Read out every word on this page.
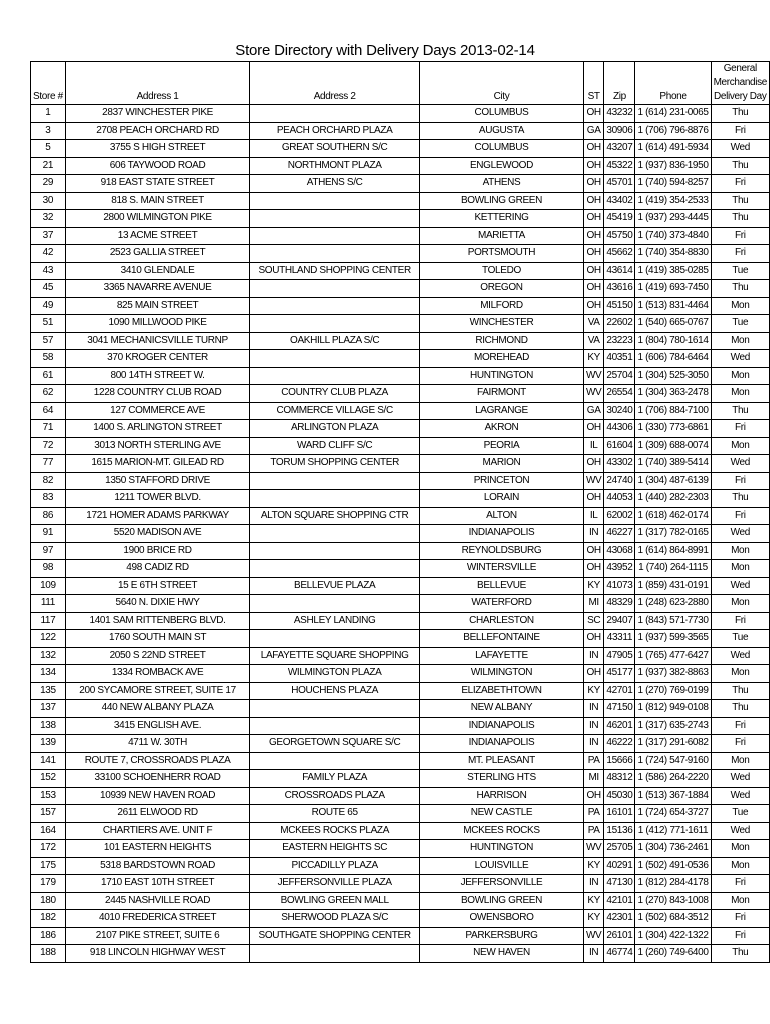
Store Directory with Delivery Days 2013-02-14
Store #	Address 1	Address 2	City	ST	Zip	Phone	General
Merchandise
Delivery Day

1	2837 WINCHESTER PIKE		COLUMBUS	OH	43232	1 (614) 231-0065	Thu
3	2708 PEACH ORCHARD RD	PEACH ORCHARD PLAZA	AUGUSTA	GA	30906	1 (706) 796-8876	Fri
5	3755 S HIGH STREET	GREAT SOUTHERN S/C	COLUMBUS	OH	43207	1 (614) 491-5934	Wed
21	606 TAYWOOD ROAD	NORTHMONT PLAZA	ENGLEWOOD	OH	45322	1 (937) 836-1950	Thu
29	918 EAST STATE STREET	ATHENS S/C	ATHENS	OH	45701	1 (740) 594-8257	Fri
30	818 S. MAIN STREET		BOWLING GREEN	OH	43402	1 (419) 354-2533	Thu
32	2800 WILMINGTON PIKE		KETTERING	OH	45419	1 (937) 293-4445	Thu
37	13 ACME STREET		MARIETTA	OH	45750	1 (740) 373-4840	Fri
42	2523 GALLIA STREET		PORTSMOUTH	OH	45662	1 (740) 354-8830	Fri
43	3410 GLENDALE	SOUTHLAND SHOPPING CENTER	TOLEDO	OH	43614	1 (419) 385-0285	Tue
45	3365 NAVARRE AVENUE		OREGON	OH	43616	1 (419) 693-7450	Thu
49	825 MAIN STREET		MILFORD	OH	45150	1 (513) 831-4464	Mon
51	1090 MILLWOOD PIKE		WINCHESTER	VA	22602	1 (540) 665-0767	Tue
57	3041 MECHANICSVILLE TURNP	OAKHILL PLAZA S/C	RICHMOND	VA	23223	1 (804) 780-1614	Mon
58	370 KROGER CENTER		MOREHEAD	KY	40351	1 (606) 784-6464	Wed
61	800 14TH STREET W.		HUNTINGTON	WV	25704	1 (304) 525-3050	Mon
62	1228 COUNTRY CLUB ROAD	COUNTRY CLUB PLAZA	FAIRMONT	WV	26554	1 (304) 363-2478	Mon
64	127 COMMERCE AVE	COMMERCE VILLAGE S/C	LAGRANGE	GA	30240	1 (706) 884-7100	Thu
71	1400 S. ARLINGTON STREET	ARLINGTON PLAZA	AKRON	OH	44306	1 (330) 773-6861	Fri
72	3013 NORTH STERLING AVE	WARD CLIFF S/C	PEORIA	IL	61604	1 (309) 688-0074	Mon
77	1615 MARION-MT. GILEAD RD	TORUM SHOPPING CENTER	MARION	OH	43302	1 (740) 389-5414	Wed
82	1350 STAFFORD DRIVE		PRINCETON	WV	24740	1 (304) 487-6139	Fri
83	1211 TOWER BLVD.		LORAIN	OH	44053	1 (440) 282-2303	Thu
86	1721 HOMER ADAMS PARKWAY	ALTON SQUARE SHOPPING CTR	ALTON	IL	62002	1 (618) 462-0174	Fri
91	5520 MADISON AVE		INDIANAPOLIS	IN	46227	1 (317) 782-0165	Wed
97	1900 BRICE RD		REYNOLDSBURG	OH	43068	1 (614) 864-8991	Mon
98	498 CADIZ RD		WINTERSVILLE	OH	43952	1 (740) 264-1115	Mon
109	15 E 6TH STREET	BELLEVUE PLAZA	BELLEVUE	KY	41073	1 (859) 431-0191	Wed
111	5640 N. DIXIE HWY		WATERFORD	MI	48329	1 (248) 623-2880	Mon
117	1401 SAM RITTENBERG BLVD.	ASHLEY LANDING	CHARLESTON	SC	29407	1 (843) 571-7730	Fri
122	1760 SOUTH MAIN ST		BELLEFONTAINE	OH	43311	1 (937) 599-3565	Tue
132	2050 S 22ND STREET	LAFAYETTE SQUARE SHOPPING	LAFAYETTE	IN	47905	1 (765) 477-6427	Wed
134	1334 ROMBACK AVE	WILMINGTON PLAZA	WILMINGTON	OH	45177	1 (937) 382-8863	Mon
135	200 SYCAMORE STREET, SUITE 17	HOUCHENS PLAZA	ELIZABETHTOWN	KY	42701	1 (270) 769-0199	Thu
137	440 NEW ALBANY PLAZA		NEW ALBANY	IN	47150	1 (812) 949-0108	Thu
138	3415 ENGLISH AVE.		INDIANAPOLIS	IN	46201	1 (317) 635-2743	Fri
139	4711 W. 30TH	GEORGETOWN SQUARE S/C	INDIANAPOLIS	IN	46222	1 (317) 291-6082	Fri
141	ROUTE 7, CROSSROADS PLAZA		MT. PLEASANT	PA	15666	1 (724) 547-9160	Mon
152	33100 SCHOENHERR ROAD	FAMILY PLAZA	STERLING HTS	MI	48312	1 (586) 264-2220	Wed
153	10939 NEW HAVEN ROAD	CROSSROADS PLAZA	HARRISON	OH	45030	1 (513) 367-1884	Wed
157	2611 ELWOOD RD	ROUTE 65	NEW CASTLE	PA	16101	1 (724) 654-3727	Tue
164	CHARTIERS AVE. UNIT F	MCKEES ROCKS PLAZA	MCKEES ROCKS	PA	15136	1 (412) 771-1611	Wed
172	101 EASTERN HEIGHTS	EASTERN HEIGHTS SC	HUNTINGTON	WV	25705	1 (304) 736-2461	Mon
175	5318 BARDSTOWN ROAD	PICCADILLY PLAZA	LOUISVILLE	KY	40291	1 (502) 491-0536	Mon
179	1710 EAST 10TH STREET	JEFFERSONVILLE PLAZA	JEFFERSONVILLE	IN	47130	1 (812) 284-4178	Fri
180	2445 NASHVILLE ROAD	BOWLING GREEN MALL	BOWLING GREEN	KY	42101	1 (270) 843-1008	Mon
182	4010 FREDERICA STREET	SHERWOOD PLAZA S/C	OWENSBORO	KY	42301	1 (502) 684-3512	Fri
186	2107 PIKE STREET, SUITE 6	SOUTHGATE SHOPPING CENTER	PARKERSBURG	WV	26101	1 (304) 422-1322	Fri
188	918 LINCOLN HIGHWAY WEST		NEW HAVEN	IN	46774	1 (260) 749-6400	Thu
